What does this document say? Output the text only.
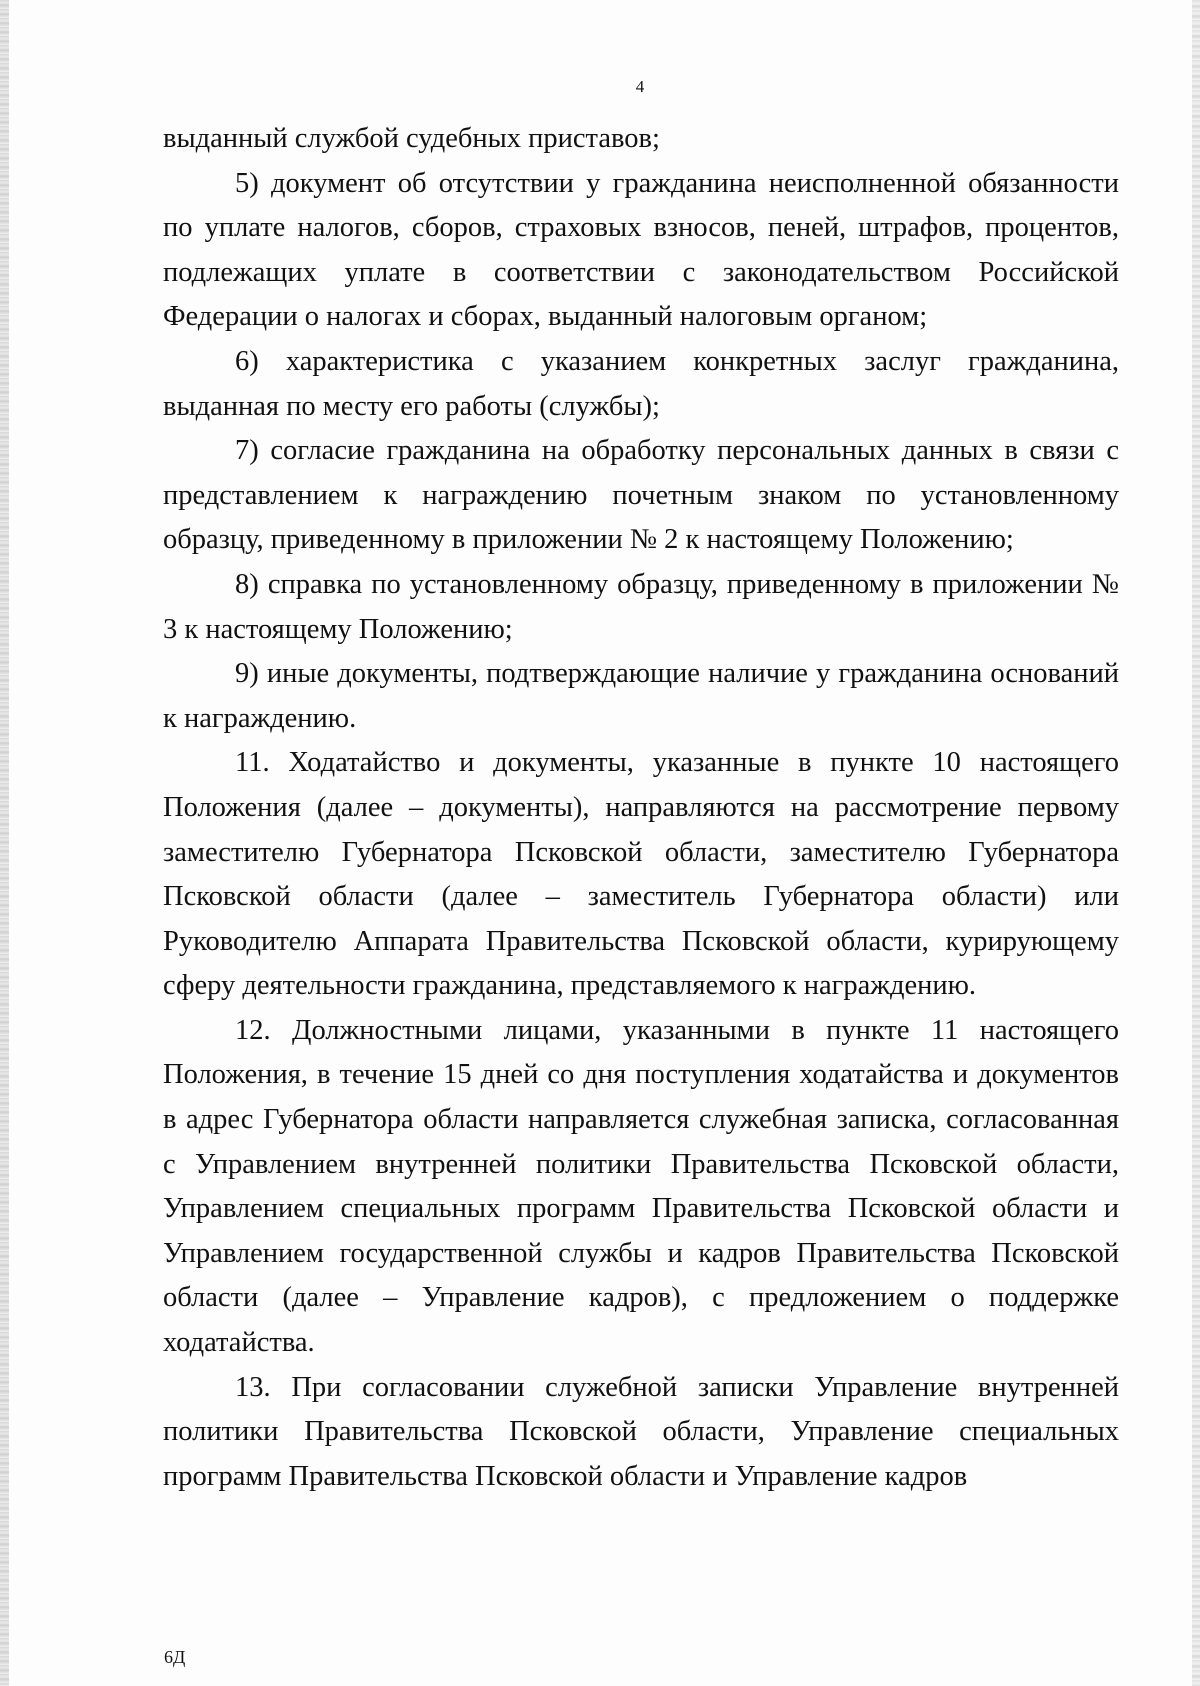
4

выданный службой судебных приставов;

5) документ об отсутствии у гражданина неисполненной обязанности по уплате налогов, сборов, страховых взносов, пеней, штрафов, процентов, подлежащих уплате в соответствии с законодательством Российской Федерации о налогах и сборах, выданный налоговым органом;

6) характеристика с указанием конкретных заслуг гражданина, выданная по месту его работы (службы);

7) согласие гражданина на обработку персональных данных в связи с представлением к награждению почетным знаком по установленному образцу, приведенному в приложении № 2 к настоящему Положению;

8) справка по установленному образцу, приведенному в приложении № 3 к настоящему Положению;

9) иные документы, подтверждающие наличие у гражданина оснований к награждению.

11. Ходатайство и документы, указанные в пункте 10 настоящего Положения (далее – документы), направляются на рассмотрение первому заместителю Губернатора Псковской области, заместителю Губернатора Псковской области (далее – заместитель Губернатора области) или Руководителю Аппарата Правительства Псковской области, курирующему сферу деятельности гражданина, представляемого к награждению.

12. Должностными лицами, указанными в пункте 11 настоящего Положения, в течение 15 дней со дня поступления ходатайства и документов в адрес Губернатора области направляется служебная записка, согласованная с Управлением внутренней политики Правительства Псковской области, Управлением специальных программ Правительства Псковской области и Управлением государственной службы и кадров Правительства Псковской области (далее – Управление кадров), с предложением о поддержке ходатайства.

13. При согласовании служебной записки Управление внутренней политики Правительства Псковской области, Управление специальных программ Правительства Псковской области и Управление кадров

6Д
